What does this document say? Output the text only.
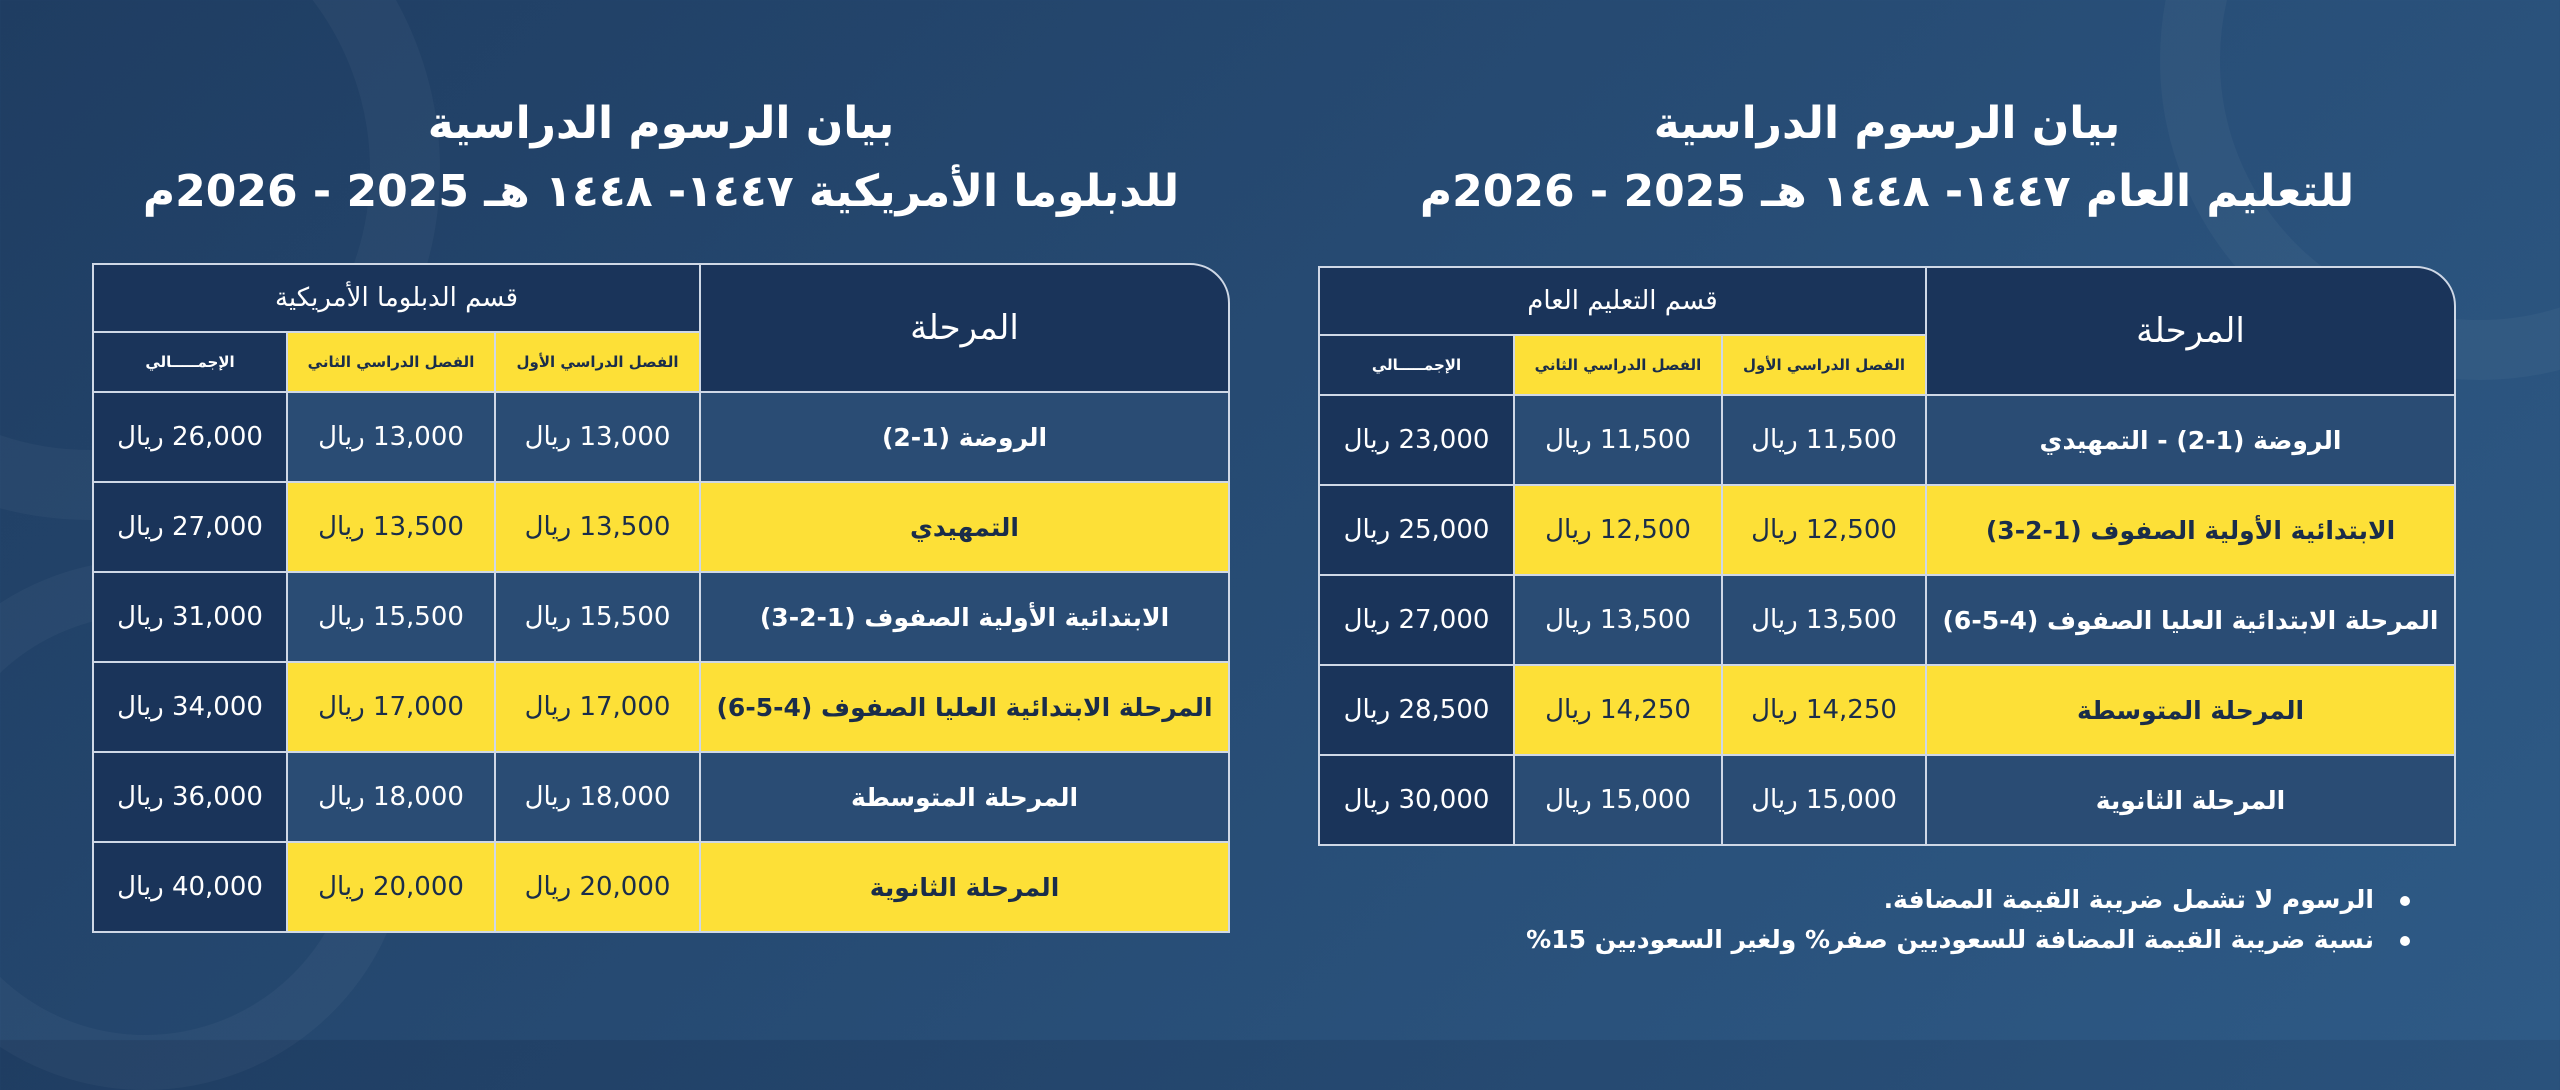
بيان الرسوم الدراسية
للتعليم العام ١٤٤٧- ١٤٤٨ هـ 2025 - 2026م
المرحلة	قسم التعليم العام		
	الفصل الدراسي الأول	الفصل الدراسي الثاني	الإجمـــــالي
الروضة (1-2) - التمهيدي	11,500 ريال	11,500 ريال	23,000 ريال
الابتدائية الأولية الصفوف (1-2-3)	12,500 ريال	12,500 ريال	25,000 ريال
المرحلة الابتدائية العليا الصفوف (4-5-6)	13,500 ريال	13,500 ريال	27,000 ريال
المرحلة المتوسطة	14,250 ريال	14,250 ريال	28,500 ريال
المرحلة الثانوية	15,000 ريال	15,000 ريال	30,000 ريال
الرسوم لا تشمل ضريبة القيمة المضافة.
نسبة ضريبة القيمة المضافة للسعوديين صفر% ولغير السعوديين 15%
بيان الرسوم الدراسية
للدبلوما الأمريكية ١٤٤٧- ١٤٤٨ هـ 2025 - 2026م
المرحلة	قسم الدبلوما الأمريكية		
	الفصل الدراسي الأول	الفصل الدراسي الثاني	الإجمـــــالي
الروضة (1-2)	13,000 ريال	13,000 ريال	26,000 ريال
التمهيدي	13,500 ريال	13,500 ريال	27,000 ريال
الابتدائية الأولية الصفوف (1-2-3)	15,500 ريال	15,500 ريال	31,000 ريال
المرحلة الابتدائية العليا الصفوف (4-5-6)	17,000 ريال	17,000 ريال	34,000 ريال
المرحلة المتوسطة	18,000 ريال	18,000 ريال	36,000 ريال
المرحلة الثانوية	20,000 ريال	20,000 ريال	40,000 ريال
